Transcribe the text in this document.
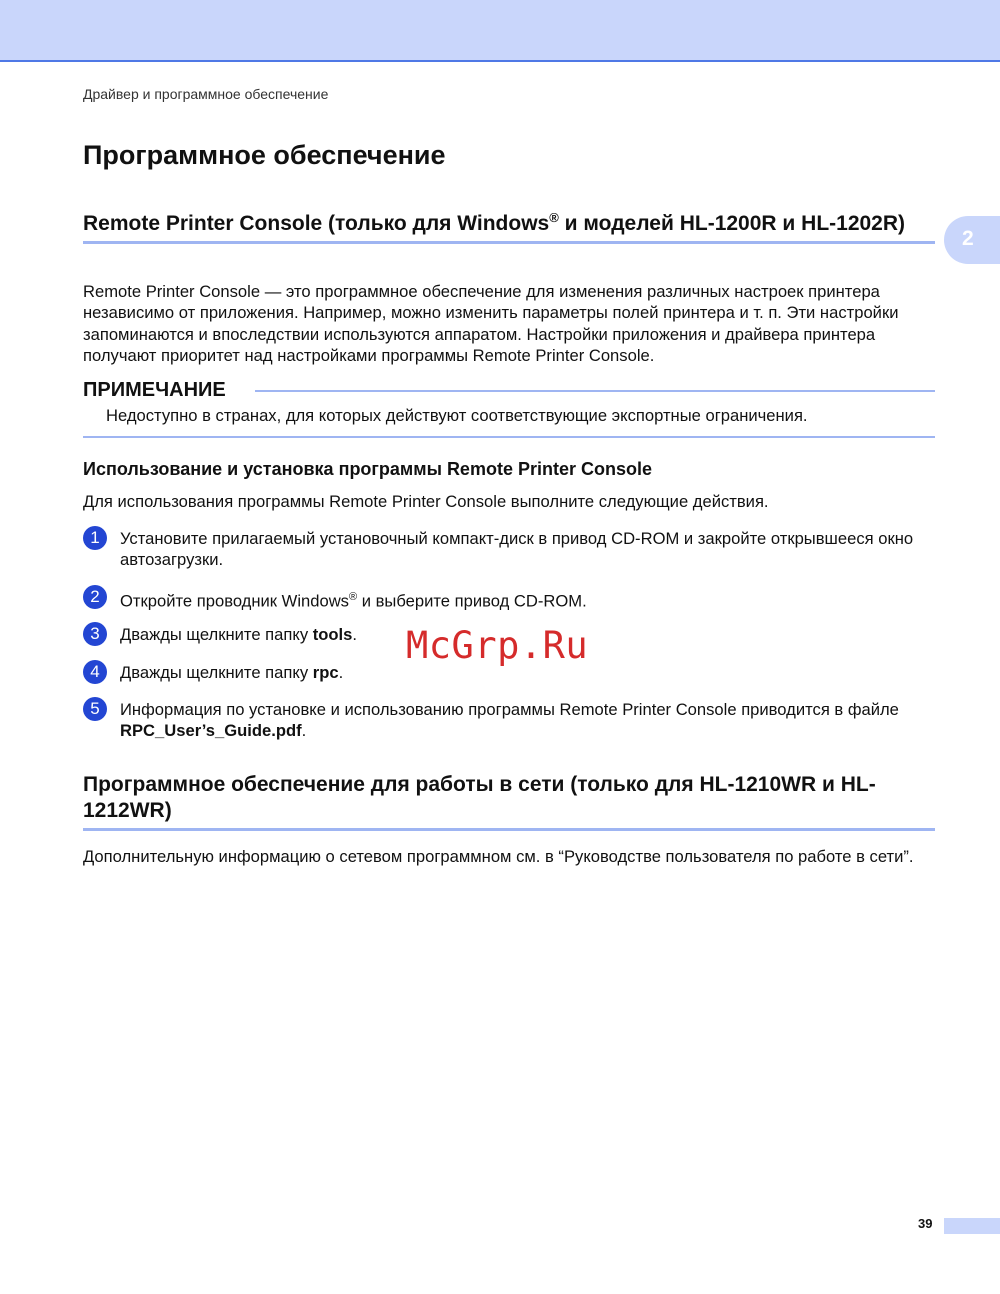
Драйвер и программное обеспечение
2
Программное обеспечение
Remote Printer Console (только для Windows® и моделей HL-1200R и HL-1202R)

Remote Printer Console — это программное обеспечение для изменения различных настроек принтера независимо от приложения. Например, можно изменить параметры полей принтера и т. п. Эти настройки запоминаются и впоследствии используются аппаратом. Настройки приложения и драйвера принтера получают приоритет над настройками программы Remote Printer Console.

ПРИМЕЧАНИЕ
Недоступно в странах, для которых действуют соответствующие экспортные ограничения.
Использование и установка программы Remote Printer Console

Для использования программы Remote Printer Console выполните следующие действия.

1	Установите прилагаемый установочный компакт-диск в привод CD-ROM и закройте открывшееся окно автозагрузки.
2	Откройте проводник Windows® и выберите привод CD-ROM.
3	Дважды щелкните папку tools.
4	Дважды щелкните папку rpc.
5	Информация по установке и использованию программы Remote Printer Console приводится в файле RPC_User’s_Guide.pdf.
McGrp.Ru
Программное обеспечение для работы в сети (только для HL-1210WR и HL-1212WR)

Дополнительную информацию о сетевом программном см. в “Руководстве пользователя по работе в сети”.

39
